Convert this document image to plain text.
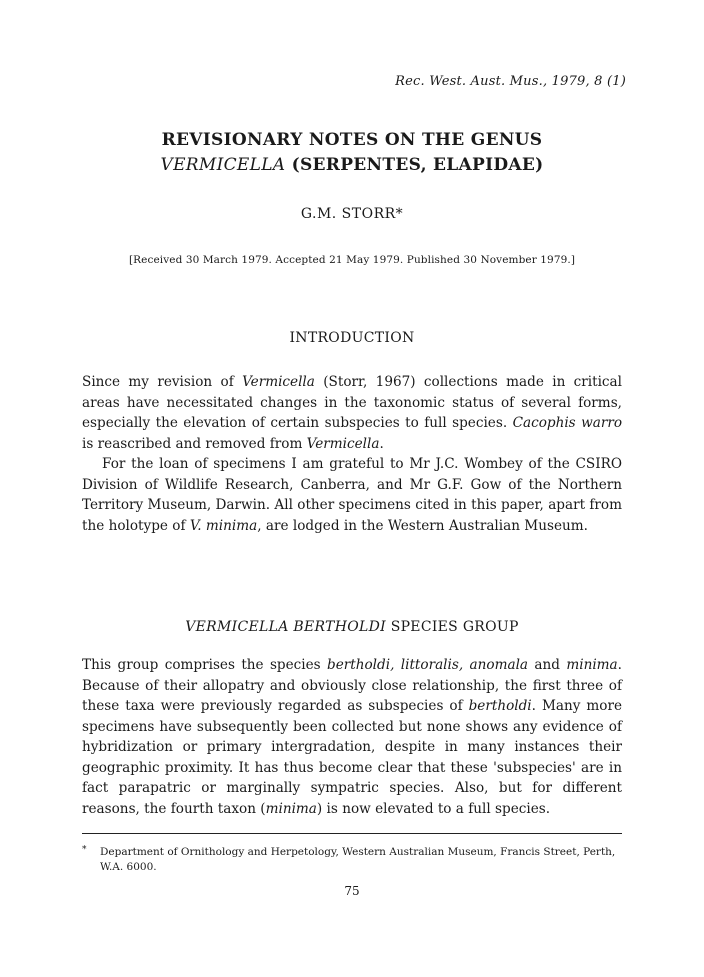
Rec. West. Aust. Mus., 1979, 8 (1)
REVISIONARY NOTES ON THE GENUS
VERMICELLA (SERPENTES, ELAPIDAE)
G.M. STORR*
[Received 30 March 1979. Accepted 21 May 1979. Published 30 November 1979.]
INTRODUCTION

Since my revision of Vermicella (Storr, 1967) collections made in critical areas have necessitated changes in the taxonomic status of several forms, especially the elevation of certain subspecies to full species. Cacophis warro is reascribed and removed from Vermicella.

For the loan of specimens I am grateful to Mr J.C. Wombey of the CSIRO Division of Wildlife Research, Canberra, and Mr G.F. Gow of the Northern Territory Museum, Darwin. All other specimens cited in this paper, apart from the holotype of V. minima, are lodged in the Western Australian Museum.

VERMICELLA BERTHOLDI SPECIES GROUP

This group comprises the species bertholdi, littoralis, anomala and minima. Because of their allopatry and obviously close relationship, the first three of these taxa were previously regarded as subspecies of bertholdi. Many more specimens have subsequently been collected but none shows any evidence of hybridization or primary intergradation, despite in many instances their geographic proximity. It has thus become clear that these 'subspecies' are in fact parapatric or marginally sympatric species. Also, but for different reasons, the fourth taxon (minima) is now elevated to a full species.

* Department of Ornithology and Herpetology, Western Australian Museum, Francis Street, Perth, W.A. 6000.
75
